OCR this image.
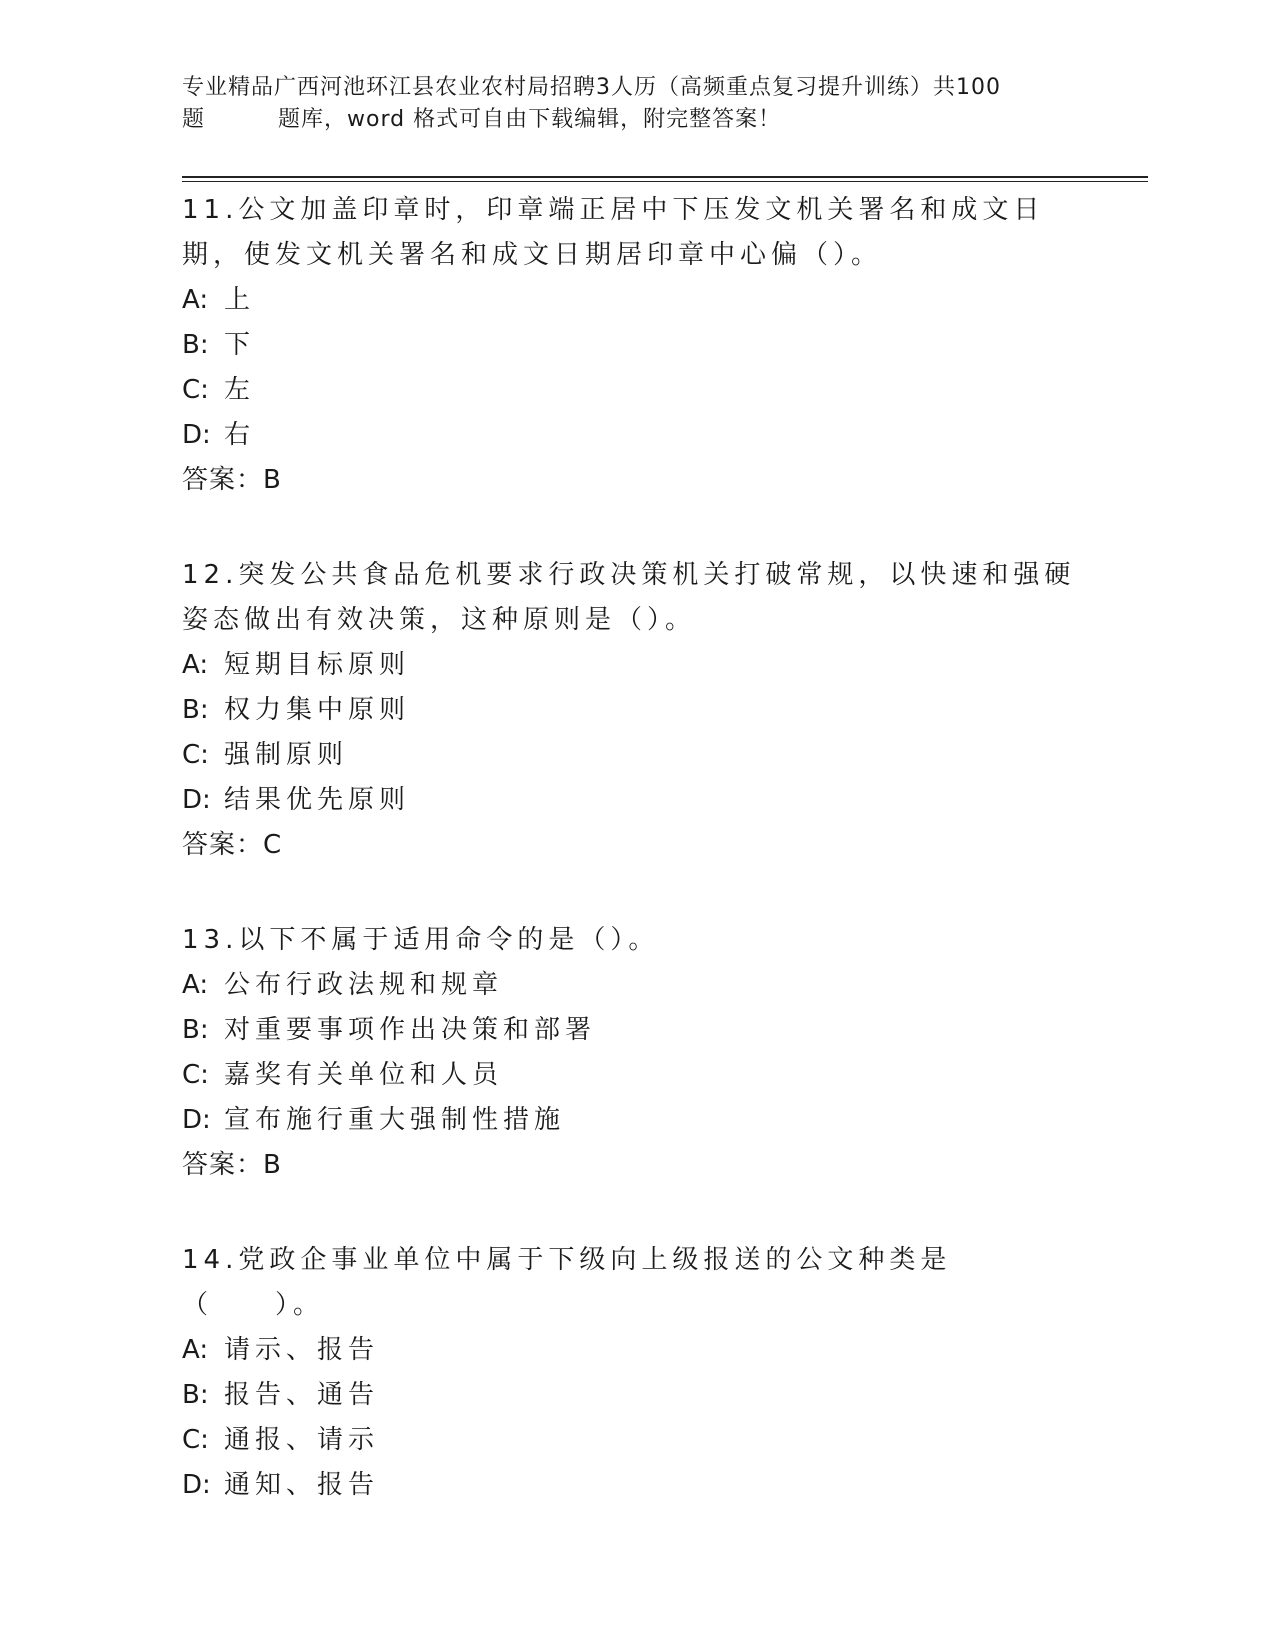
专业精品广西河池环江县农业农村局招聘3人历（高频重点复习提升训练）共100
题	题库，word 格式可自由下载编辑，附完整答案！

11.公文加盖印章时，印章端正居中下压发文机关署名和成文日期，使发文机关署名和成文日期居印章中心偏（）。

A: 上
B: 下
C: 左
D: 右
答案：B

12.突发公共食品危机要求行政决策机关打破常规，以快速和强硬姿态做出有效决策，这种原则是（）。

A: 短期目标原则
B: 权力集中原则
C: 强制原则
D: 结果优先原则
答案：C

13.以下不属于适用命令的是（）。

A: 公布行政法规和规章
B: 对重要事项作出决策和部署
C: 嘉奖有关单位和人员
D: 宣布施行重大强制性措施
答案：B

14.党政企事业单位中属于下级向上级报送的公文种类是（　　）。

A: 请示、报告
B: 报告、通告
C: 通报、请示
D: 通知、报告
